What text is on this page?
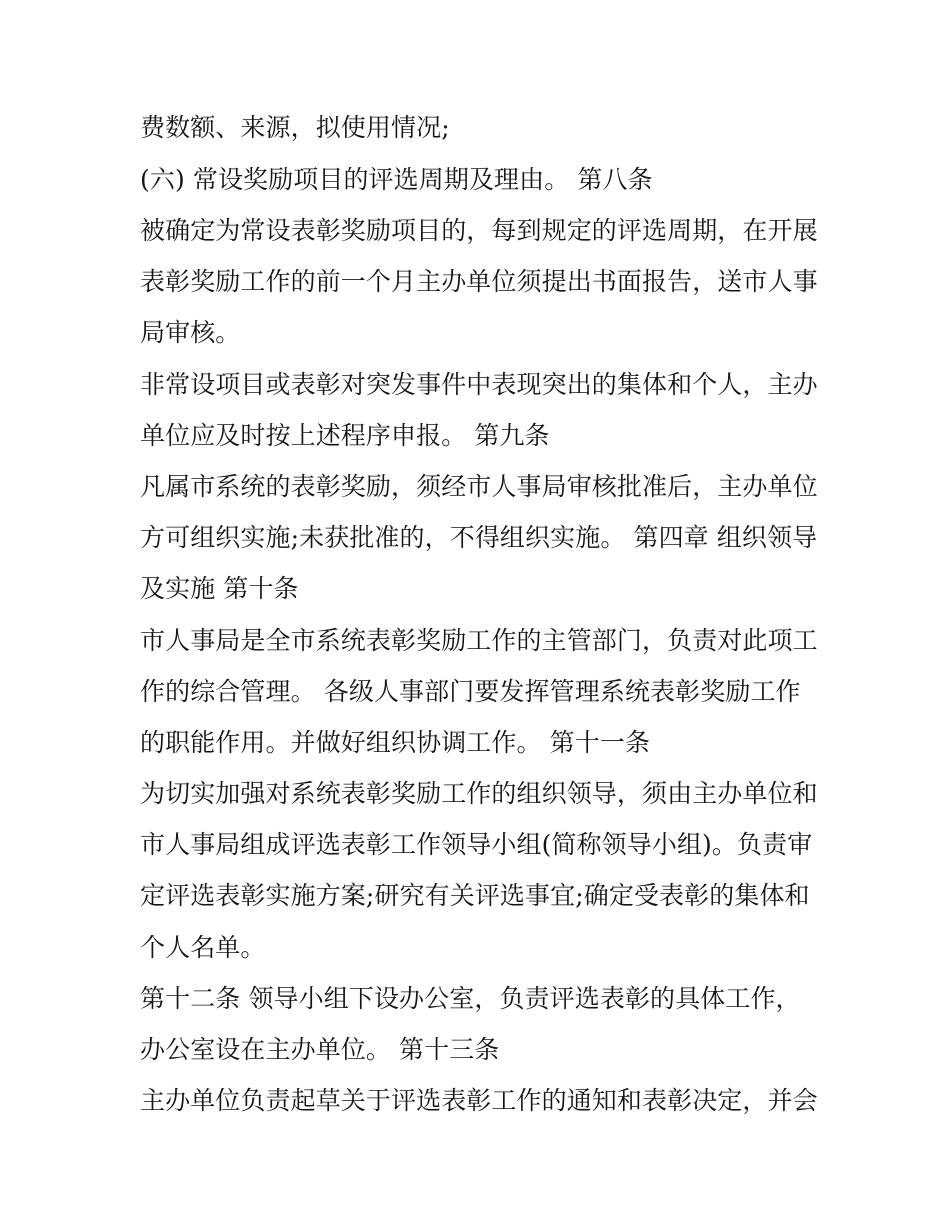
费数额、来源，拟使用情况;

(六) 常设奖励项目的评选周期及理由。 第八条

被确定为常设表彰奖励项目的，每到规定的评选周期，在开展

表彰奖励工作的前一个月主办单位须提出书面报告，送市人事

局审核。

非常设项目或表彰对突发事件中表现突出的集体和个人，主办

单位应及时按上述程序申报。 第九条

凡属市系统的表彰奖励，须经市人事局审核批准后，主办单位

方可组织实施;未获批准的，不得组织实施。 第四章 组织领导

及实施 第十条

市人事局是全市系统表彰奖励工作的主管部门，负责对此项工

作的综合管理。 各级人事部门要发挥管理系统表彰奖励工作

的职能作用。并做好组织协调工作。 第十一条

为切实加强对系统表彰奖励工作的组织领导，须由主办单位和

市人事局组成评选表彰工作领导小组(简称领导小组)。负责审

定评选表彰实施方案;研究有关评选事宜;确定受表彰的集体和

个人名单。

第十二条 领导小组下设办公室，负责评选表彰的具体工作，

办公室设在主办单位。 第十三条

主办单位负责起草关于评选表彰工作的通知和表彰决定，并会
